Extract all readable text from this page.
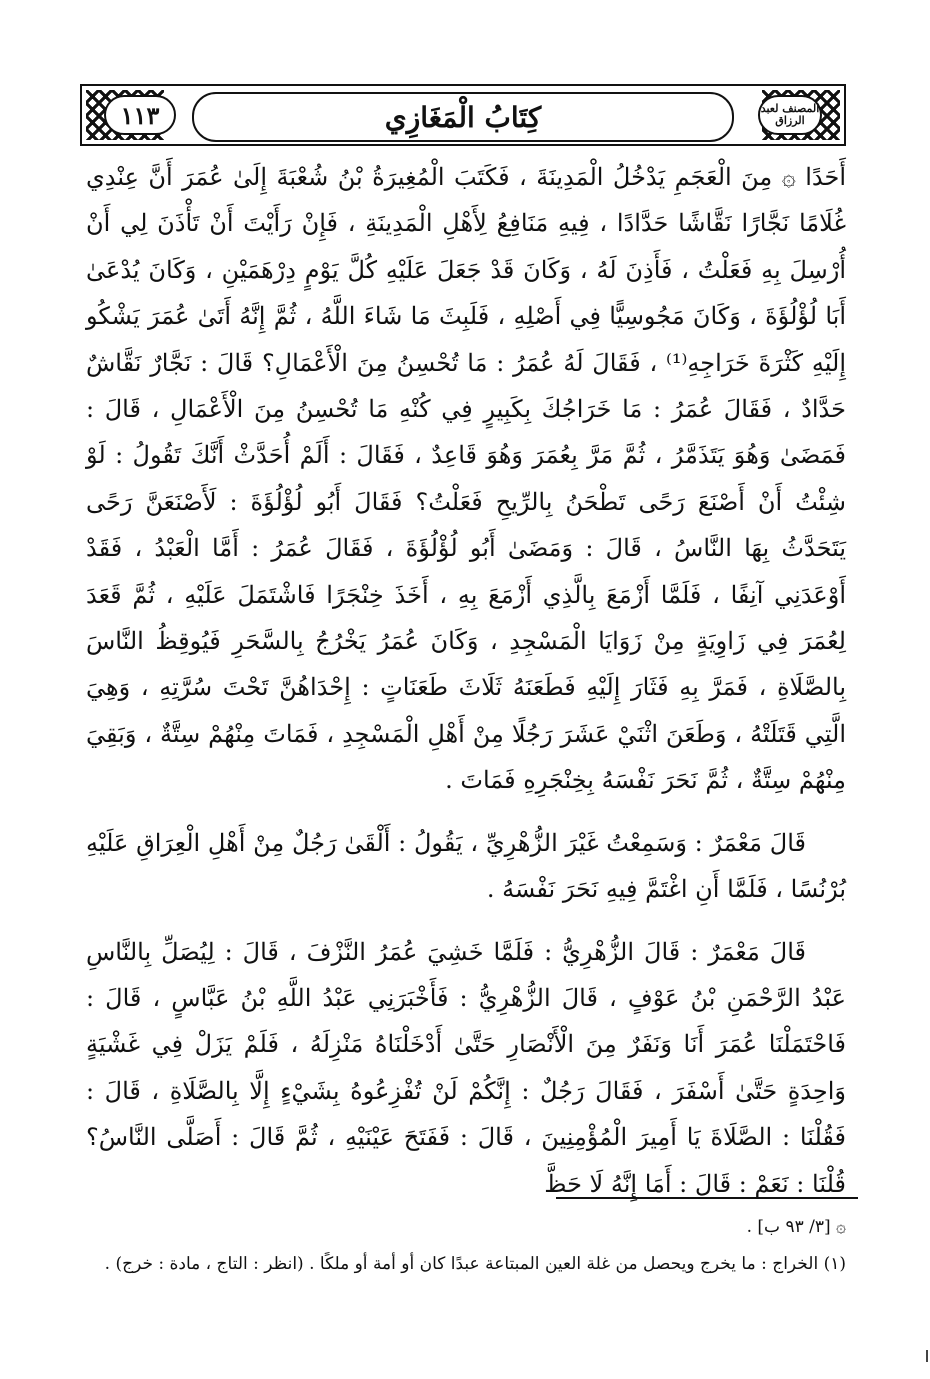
١١٣	كِتَابُ الْمَغَازِي	المصنف لعبد الرزاق

أَحَدًا ۞ مِنَ الْعَجَمِ يَدْخُلُ الْمَدِينَةَ ، فَكَتَبَ الْمُغِيرَةُ بْنُ شُعْبَةَ إِلَىٰ عُمَرَ أَنَّ عِنْدِي غُلَامًا نَجَّارًا نَقَّاشًا حَدَّادًا ، فِيهِ مَنَافِعُ لِأَهْلِ الْمَدِينَةِ ، فَإِنْ رَأَيْتَ أَنْ تَأْذَنَ لِي أَنْ أُرْسِلَ بِهِ فَعَلْتُ ، فَأَذِنَ لَهُ ، وَكَانَ قَدْ جَعَلَ عَلَيْهِ كُلَّ يَوْمٍ دِرْهَمَيْنِ ، وَكَانَ يُدْعَىٰ أَبَا لُؤْلُؤَةَ ، وَكَانَ مَجُوسِيًّا فِي أَصْلِهِ ، فَلَبِثَ مَا شَاءَ اللَّهُ ، ثُمَّ إِنَّهُ أَتَىٰ عُمَرَ يَشْكُو إِلَيْهِ كَثْرَةَ خَرَاجِهِ⁽¹⁾ ، فَقَالَ لَهُ عُمَرُ : مَا تُحْسِنُ مِنَ الْأَعْمَالِ؟ قَالَ : نَجَّارٌ نَقَّاشٌ حَدَّادٌ ، فَقَالَ عُمَرُ : مَا خَرَاجُكَ بِكَبِيرٍ فِي كُنْهِ مَا تُحْسِنُ مِنَ الْأَعْمَالِ ، قَالَ : فَمَضَىٰ وَهُوَ يَتَذَمَّرُ ، ثُمَّ مَرَّ بِعُمَرَ وَهُوَ قَاعِدٌ ، فَقَالَ : أَلَمْ أُحَدَّثْ أَنَّكَ تَقُولُ : لَوْ شِئْتُ أَنْ أَصْنَعَ رَحًى تَطْحَنُ بِالرِّيحِ فَعَلْتُ؟ فَقَالَ أَبُو لُؤْلُؤَةَ : لَأَصْنَعَنَّ رَحًى يَتَحَدَّثُ بِهَا النَّاسُ ، قَالَ : وَمَضَىٰ أَبُو لُؤْلُؤَةَ ، فَقَالَ عُمَرُ : أَمَّا الْعَبْدُ ، فَقَدْ أَوْعَدَنِي آنِفًا ، فَلَمَّا أَزْمَعَ بِالَّذِي أَزْمَعَ بِهِ ، أَخَذَ خِنْجَرًا فَاشْتَمَلَ عَلَيْهِ ، ثُمَّ قَعَدَ لِعُمَرَ فِي زَاوِيَةٍ مِنْ زَوَايَا الْمَسْجِدِ ، وَكَانَ عُمَرُ يَخْرُجُ بِالسَّحَرِ فَيُوقِظُ النَّاسَ بِالصَّلَاةِ ، فَمَرَّ بِهِ فَثَارَ إِلَيْهِ فَطَعَنَهُ ثَلَاثَ طَعَنَاتٍ : إِحْدَاهُنَّ تَحْتَ سُرَّتِهِ ، وَهِيَ الَّتِي قَتَلَتْهُ ، وَطَعَنَ اثْنَيْ عَشَرَ رَجُلًا مِنْ أَهْلِ الْمَسْجِدِ ، فَمَاتَ مِنْهُمْ سِتَّةٌ ، وَبَقِيَ مِنْهُمْ سِتَّةٌ ، ثُمَّ نَحَرَ نَفْسَهُ بِخِنْجَرِهِ فَمَاتَ .

قَالَ مَعْمَرٌ : وَسَمِعْتُ غَيْرَ الزُّهْرِيِّ ، يَقُولُ : أَلْقَىٰ رَجُلٌ مِنْ أَهْلِ الْعِرَاقِ عَلَيْهِ بُرْنُسًا ، فَلَمَّا أَنِ اغْتَمَّ فِيهِ نَحَرَ نَفْسَهُ .

قَالَ مَعْمَرٌ : قَالَ الزُّهْرِيُّ : فَلَمَّا خَشِيَ عُمَرُ النَّزْفَ ، قَالَ : لِيُصَلِّ بِالنَّاسِ عَبْدُ الرَّحْمَنِ بْنُ عَوْفٍ ، قَالَ الزُّهْرِيُّ : فَأَخْبَرَنِي عَبْدُ اللَّهِ بْنُ عَبَّاسٍ ، قَالَ : فَاحْتَمَلْنَا عُمَرَ أَنَا وَنَفَرٌ مِنَ الْأَنْصَارِ حَتَّىٰ أَدْخَلْنَاهُ مَنْزِلَهُ ، فَلَمْ يَزَلْ فِي غَشْيَةٍ وَاحِدَةٍ حَتَّىٰ أَسْفَرَ ، فَقَالَ رَجُلٌ : إِنَّكُمْ لَنْ تُفْزِعُوهُ بِشَيْءٍ إِلَّا بِالصَّلَاةِ ، قَالَ : فَقُلْنَا : الصَّلَاةَ يَا أَمِيرَ الْمُؤْمِنِينَ ، قَالَ : فَفَتَحَ عَيْنَيْهِ ، ثُمَّ قَالَ : أَصَلَّى النَّاسُ؟ قُلْنَا : نَعَمْ : قَالَ : أَمَا إِنَّهُ لَا حَظَّ

۞ [٣/ ٩٣ ب] .

(١) الخراج : ما يخرج ويحصل من غلة العين المبتاعة عبدًا كان أو أمة أو ملكًا . (انظر : التاج ، مادة : خرج) .
